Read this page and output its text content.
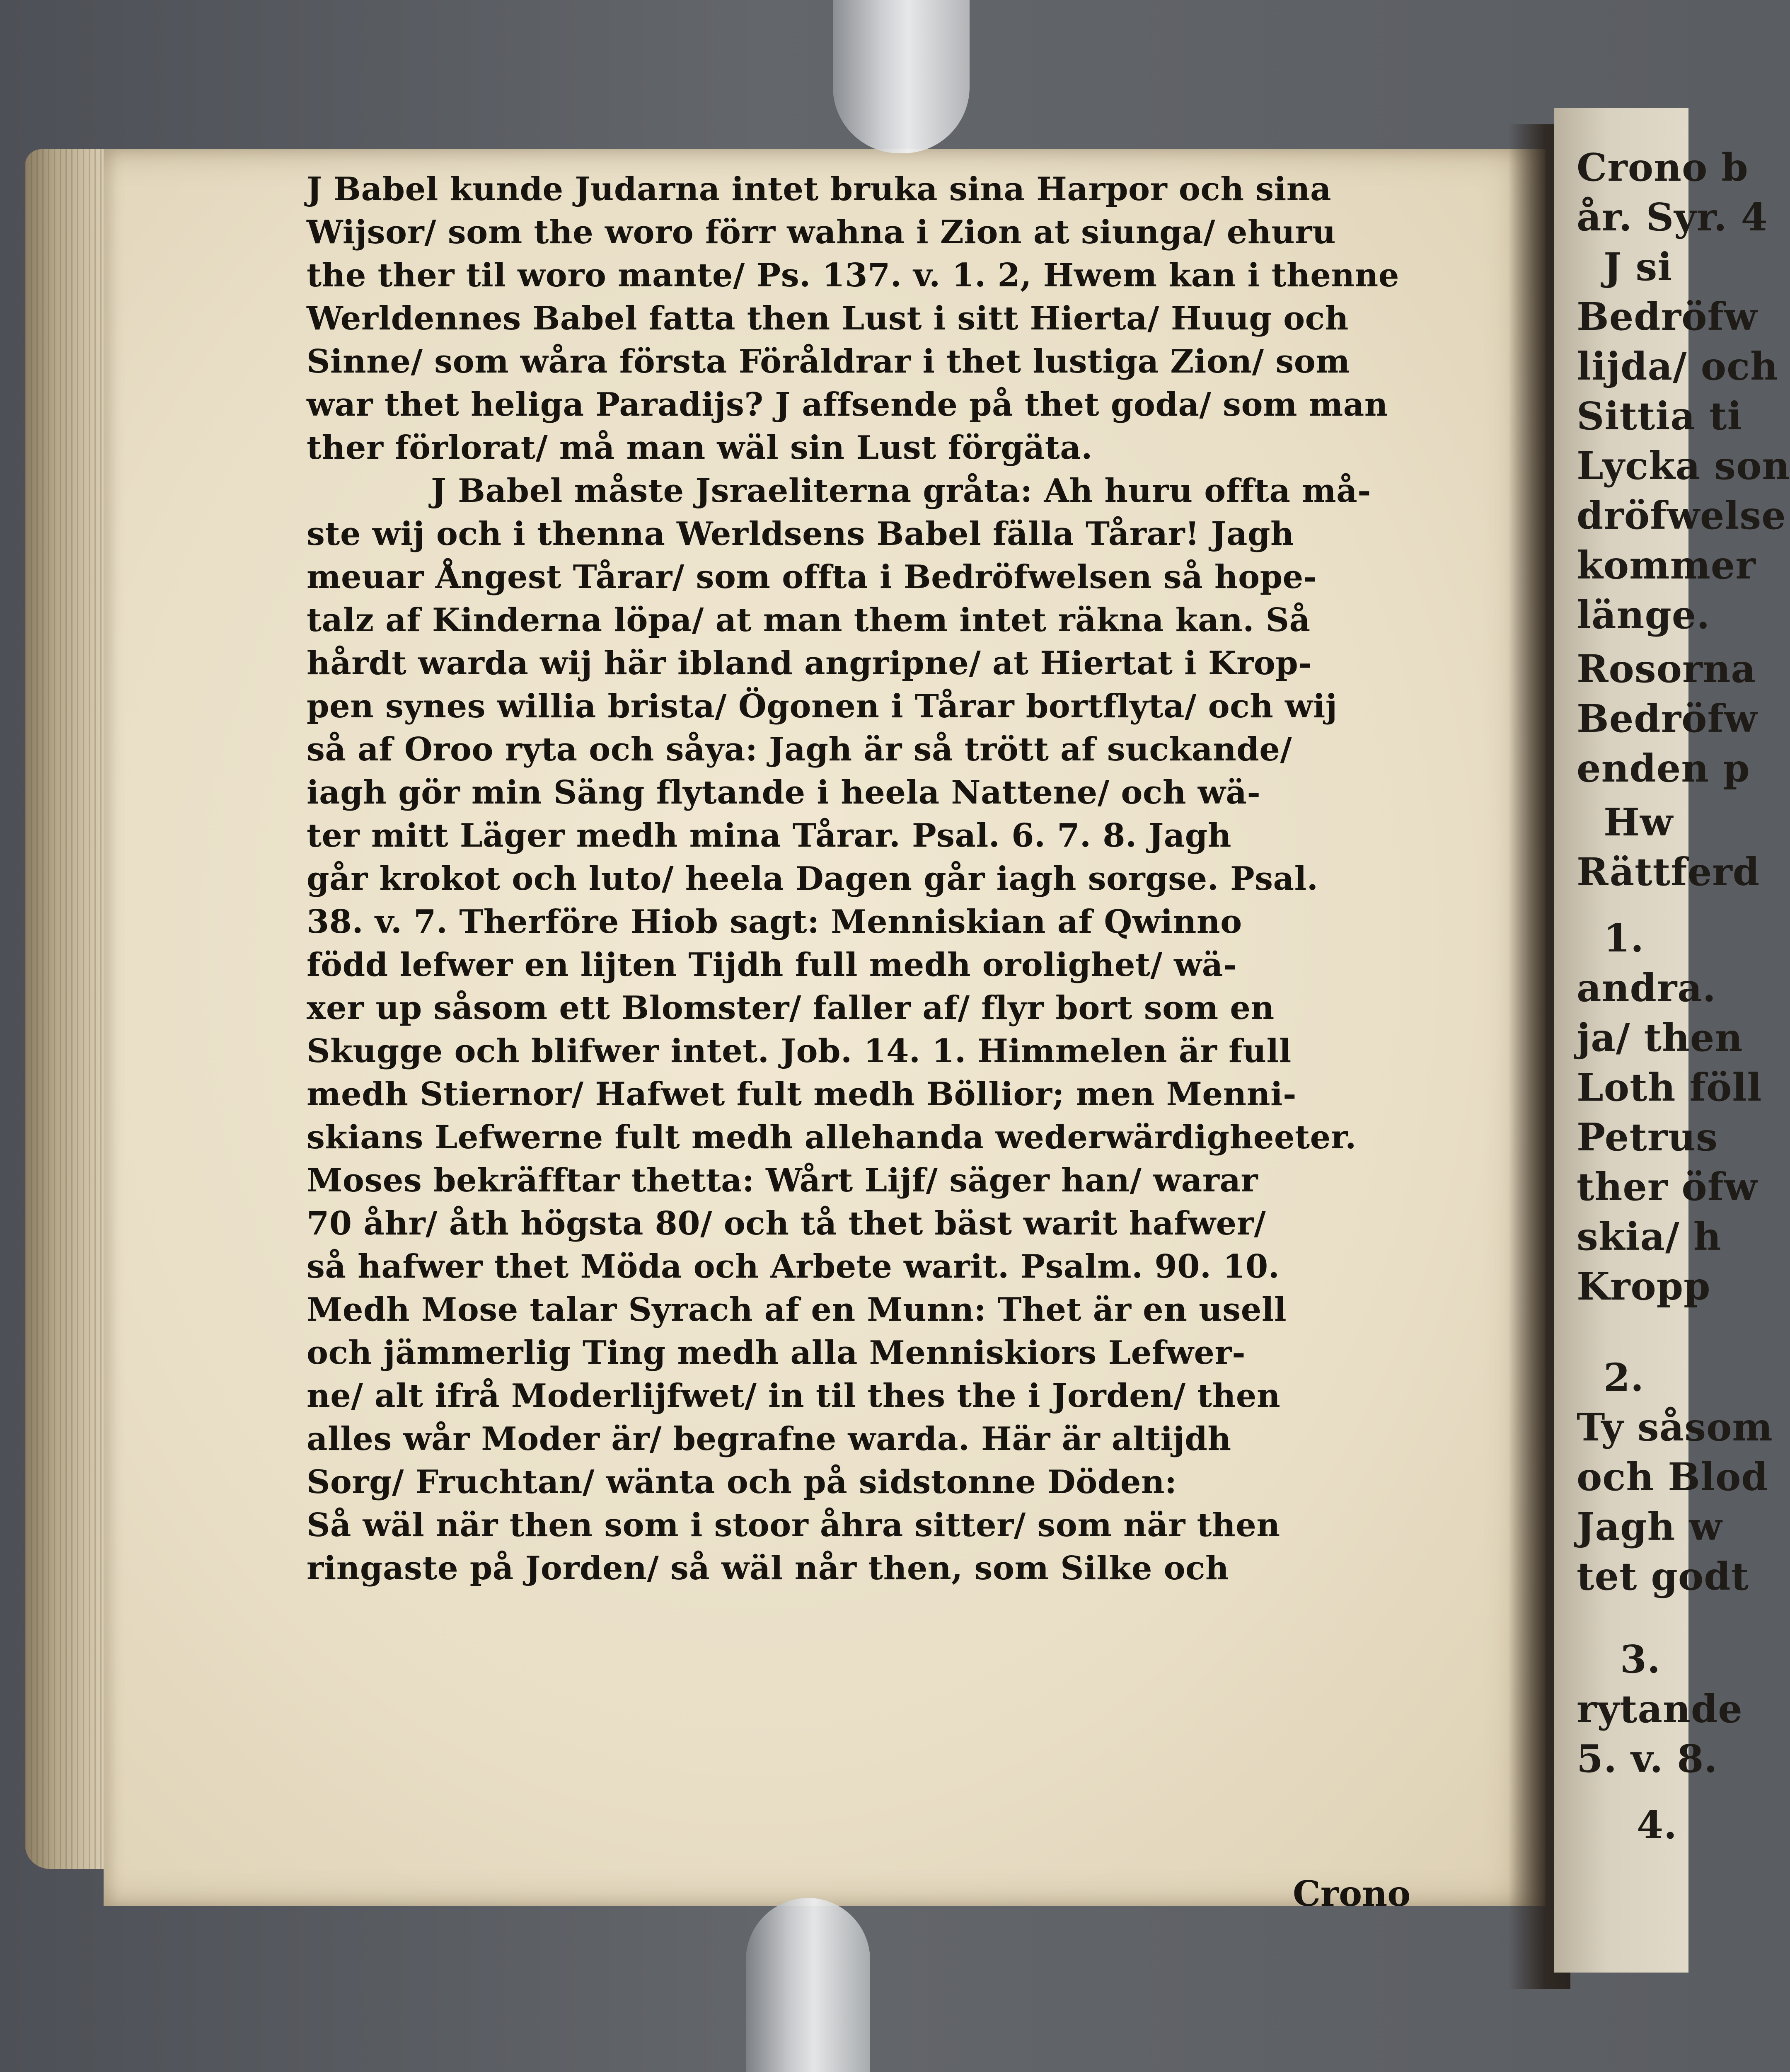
J Babel kunde Judarna intet bruka sina Harpor och sina
Wijsor/ som the woro förr wahna i Zion at siunga/ ehuru
the ther til woro mante/ Ps. 137. v. 1. 2, Hwem kan i thenne
Werldennes Babel fatta then Lust i sitt Hierta/ Huug och
Sinne/ som wåra första Föråldrar i thet lustiga Zion/ som
war thet heliga Paradijs? J affsende på thet goda/ som man
ther förlorat/ må man wäl sin Lust förgäta.
J Babel måste Jsraeliterna gråta: Ah huru offta må-
ste wij och i thenna Werldsens Babel fälla Tårar! Jagh
meuar Ångest Tårar/ som offta i Bedröfwelsen så hope-
talz af Kinderna löpa/ at man them intet räkna kan. Så
hårdt warda wij här ibland angripne/ at Hiertat i Krop-
pen synes willia brista/ Ögonen i Tårar bortflyta/ och wij
så af Oroo ryta och såya: Jagh är så trött af suckande/
iagh gör min Säng flytande i heela Nattene/ och wä-
ter mitt Läger medh mina Tårar. Psal. 6. 7. 8. Jagh
går krokot och luto/ heela Dagen går iagh sorgse. Psal.
38. v. 7. Therföre Hiob sagt: Menniskian af Qwinno
född lefwer en lijten Tijdh full medh orolighet/ wä-
xer up såsom ett Blomster/ faller af/ flyr bort som en
Skugge och blifwer intet. Job. 14. 1. Himmelen är full
medh Stiernor/ Hafwet fult medh Böllior; men Menni-
skians Lefwerne fult medh allehanda wederwärdigheeter.
Moses bekräfftar thetta: Wårt Lijf/ säger han/ warar
70 åhr/ åth högsta 80/ och tå thet bäst warit hafwer/
så hafwer thet Möda och Arbete warit. Psalm. 90. 10.
Medh Mose talar Syrach af en Munn: Thet är en usell
och jämmerlig Ting medh alla Menniskiors Lefwer-
ne/ alt ifrå Moderlijfwet/ in til thes the i Jorden/ then
alles wår Moder är/ begrafne warda. Här är altijdh
Sorg/ Fruchtan/ wänta och på sidstonne Döden:
Så wäl när then som i stoor åhra sitter/ som när then
ringaste på Jorden/ så wäl når then, som Silke och
Crono
Crono b
år. Syr. 4
J si
Bedröfw
lijda/ och
Sittia ti
Lycka son
dröfwelse
kommer
länge.
Rosorna
Bedröfw
enden p
Hw
Rättferd
1.
andra.
ja/ then
Loth föll
Petrus
ther öfw
skia/ h
Kropp
2.
Ty såsom
och Blod
Jagh w
tet godt
3.
rytande
5. v. 8.
4.
